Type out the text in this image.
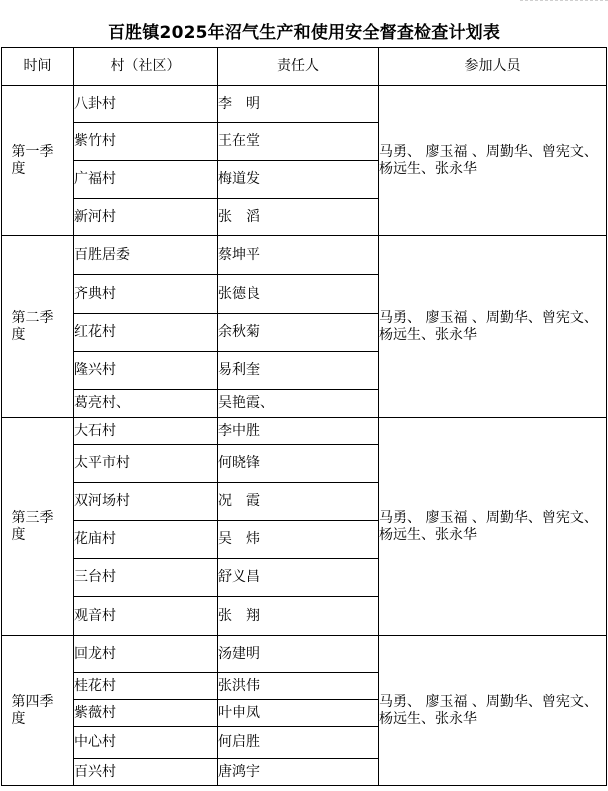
百胜镇2025年沼气生产和使用安全督查检查计划表
时间	村（社区）	责任人	参加人员
第一季度	八卦村	李　明	马勇、 廖玉福 、周勤华、曾宪文、 杨远生、张永华
	紫竹村	王在堂	
	广福村	梅道发	
	新河村	张　滔	
第二季度	百胜居委	蔡坤平	马勇、 廖玉福 、周勤华、曾宪文、 杨远生、张永华
	齐典村	张德良	
	红花村	余秋菊	
	隆兴村	易利奎	
	葛亮村、	吴艳霞、	
第三季度	大石村	李中胜	马勇、 廖玉福 、周勤华、曾宪文、 杨远生、张永华
	太平市村	何晓锋	
	双河场村	况　霞	
	花庙村	吴　炜	
	三台村	舒义昌	
	观音村	张　翔	
第四季度	回龙村	汤建明	马勇、 廖玉福 、周勤华、曾宪文、 杨远生、张永华
	桂花村	张洪伟	
	紫薇村	叶申凤	
	中心村	何启胜	
	百兴村	唐鸿宇	
